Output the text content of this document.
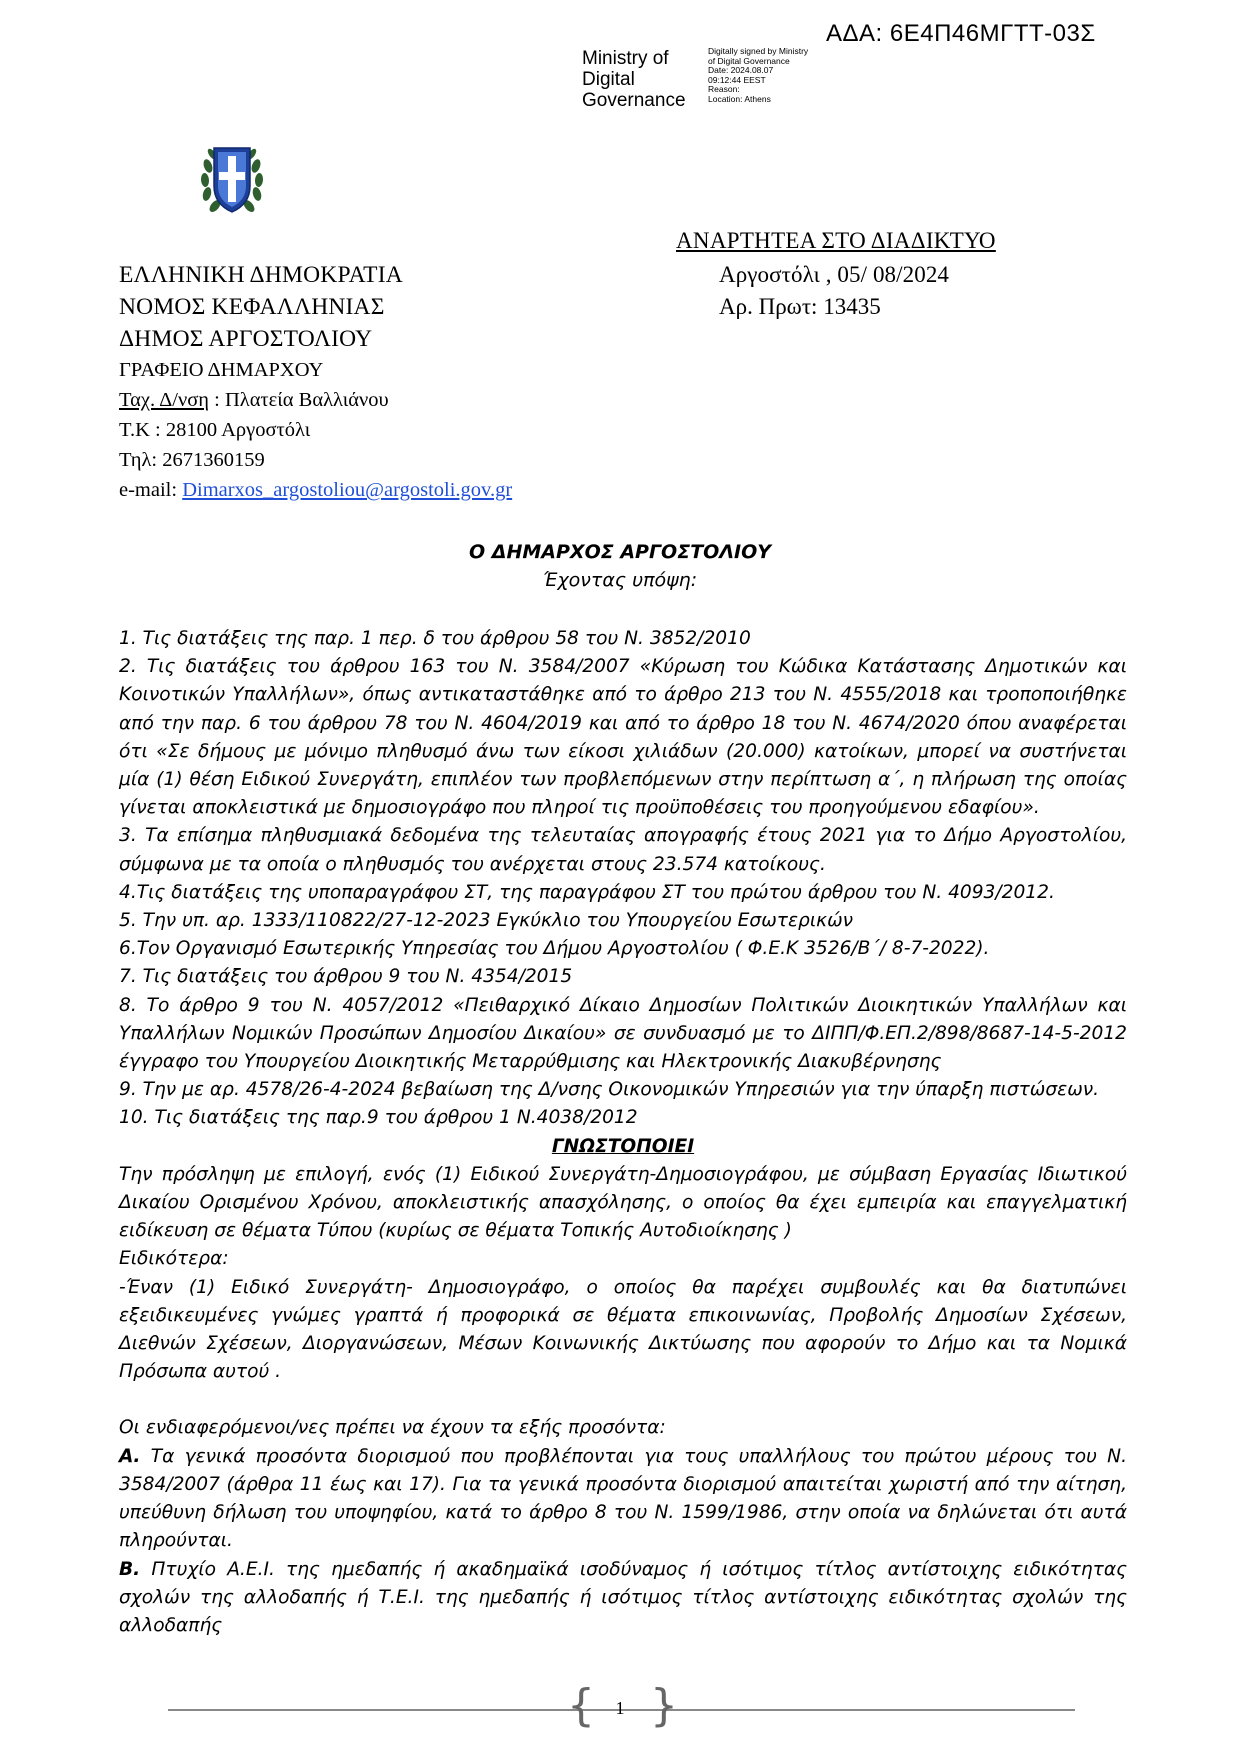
ΑΔΑ: 6Ε4Π46ΜΓΤΤ-03Σ
Ministry of
Digital
Governance
Digitally signed by Ministry
of Digital Governance
Date: 2024.08.07
09:12:44 EEST
Reason:
Location: Athens
ΑΝΑΡΤΗΤΕΑ ΣΤΟ ΔΙΑΔΙΚΤΥΟ
Αργοστόλι , 05/ 08/2024
Αρ. Πρωτ: 13435
ΕΛΛΗΝΙΚΗ ΔΗΜΟΚΡΑΤΙΑ
ΝΟΜΟΣ ΚΕΦΑΛΛΗΝΙΑΣ
ΔΗΜΟΣ ΑΡΓΟΣΤΟΛΙΟΥ
ΓΡΑΦΕΙΟ ΔΗΜΑΡΧΟΥ
Ταχ. Δ/νση : Πλατεία Βαλλιάνου
Τ.Κ : 28100 Αργοστόλι
Τηλ: 2671360159
e-mail: Dimarxos_argostoliou@argostoli.gov.gr
Ο ΔΗΜΑΡΧΟΣ ΑΡΓΟΣΤΟΛΙΟΥ
Έχοντας υπόψη:

1. Τις διατάξεις της παρ. 1 περ. δ του άρθρου 58 του Ν. 3852/2010

2. Τις διατάξεις του άρθρου 163 του Ν. 3584/2007 «Κύρωση του Κώδικα Κατάστασης Δημοτικών και Κοινοτικών Υπαλλήλων», όπως αντικαταστάθηκε από το άρθρο 213 του Ν. 4555/2018 και τροποποιήθηκε από την παρ. 6 του άρθρου 78 του Ν. 4604/2019 και από το άρθρο 18 του Ν. 4674/2020 όπου αναφέρεται ότι «Σε δήμους με μόνιμο πληθυσμό άνω των είκοσι χιλιάδων (20.000) κατοίκων, μπορεί να συστήνεται μία (1) θέση Ειδικού Συνεργάτη, επιπλέον των προβλεπόμενων στην περίπτωση α΄, η πλήρωση της οποίας γίνεται αποκλειστικά με δημοσιογράφο που πληροί τις προϋποθέσεις του προηγούμενου εδαφίου».

3. Τα επίσημα πληθυσμιακά δεδομένα της τελευταίας απογραφής έτους 2021 για το Δήμο Αργοστολίου, σύμφωνα με τα οποία ο πληθυσμός του ανέρχεται στους 23.574 κατοίκους.

4.Τις διατάξεις της υποπαραγράφου ΣΤ, της παραγράφου ΣΤ του πρώτου άρθρου του Ν. 4093/2012.

5. Την υπ. αρ. 1333/110822/27-12-2023 Εγκύκλιο του Υπουργείου Εσωτερικών

6.Τον Οργανισμό Εσωτερικής Υπηρεσίας του Δήμου Αργοστολίου ( Φ.Ε.Κ 3526/Β΄/ 8-7-2022).

7. Τις διατάξεις του άρθρου 9 του Ν. 4354/2015

8. Το άρθρο 9 του Ν. 4057/2012 «Πειθαρχικό Δίκαιο Δημοσίων Πολιτικών Διοικητικών Υπαλλήλων και Υπαλλήλων Νομικών Προσώπων Δημοσίου Δικαίου» σε συνδυασμό με το ΔΙΠΠ/Φ.ΕΠ.2/898/8687-14-5-2012 έγγραφο του Υπουργείου Διοικητικής Μεταρρύθμισης και Ηλεκτρονικής Διακυβέρνησης

9. Την με αρ. 4578/26-4-2024 βεβαίωση της Δ/νσης Οικονομικών Υπηρεσιών για την ύπαρξη πιστώσεων.

10. Τις διατάξεις της παρ.9 του άρθρου 1 Ν.4038/2012

ΓΝΩΣΤΟΠΟΙΕΙ

Την πρόσληψη με επιλογή, ενός (1) Ειδικού Συνεργάτη-Δημοσιογράφου, με σύμβαση Εργασίας Ιδιωτικού Δικαίου Ορισμένου Χρόνου, αποκλειστικής απασχόλησης, ο οποίος θα έχει εμπειρία και επαγγελματική ειδίκευση σε θέματα Τύπου (κυρίως σε θέματα Τοπικής Αυτοδιοίκησης )

Ειδικότερα:

-Έναν (1) Ειδικό Συνεργάτη- Δημοσιογράφο, ο οποίος θα παρέχει συμβουλές και θα διατυπώνει εξειδικευμένες γνώμες γραπτά ή προφορικά σε θέματα επικοινωνίας, Προβολής Δημοσίων Σχέσεων, Διεθνών Σχέσεων, Διοργανώσεων, Μέσων Κοινωνικής Δικτύωσης που αφορούν το Δήμο και τα Νομικά Πρόσωπα αυτού .

Οι ενδιαφερόμενοι/νες πρέπει να έχουν τα εξής προσόντα:

Α. Τα γενικά προσόντα διορισμού που προβλέπονται για τους υπαλλήλους του πρώτου μέρους του Ν. 3584/2007 (άρθρα 11 έως και 17). Για τα γενικά προσόντα διορισμού απαιτείται χωριστή από την αίτηση, υπεύθυνη δήλωση του υποψηφίου, κατά το άρθρο 8 του Ν. 1599/1986, στην οποία να δηλώνεται ότι αυτά πληρούνται.

Β. Πτυχίο Α.Ε.Ι. της ημεδαπής ή ακαδημαϊκά ισοδύναμος ή ισότιμος τίτλος αντίστοιχης ειδικότητας σχολών της αλλοδαπής ή Τ.Ε.Ι. της ημεδαπής ή ισότιμος τίτλος αντίστοιχης ειδικότητας σχολών της αλλοδαπής

{ }
1
